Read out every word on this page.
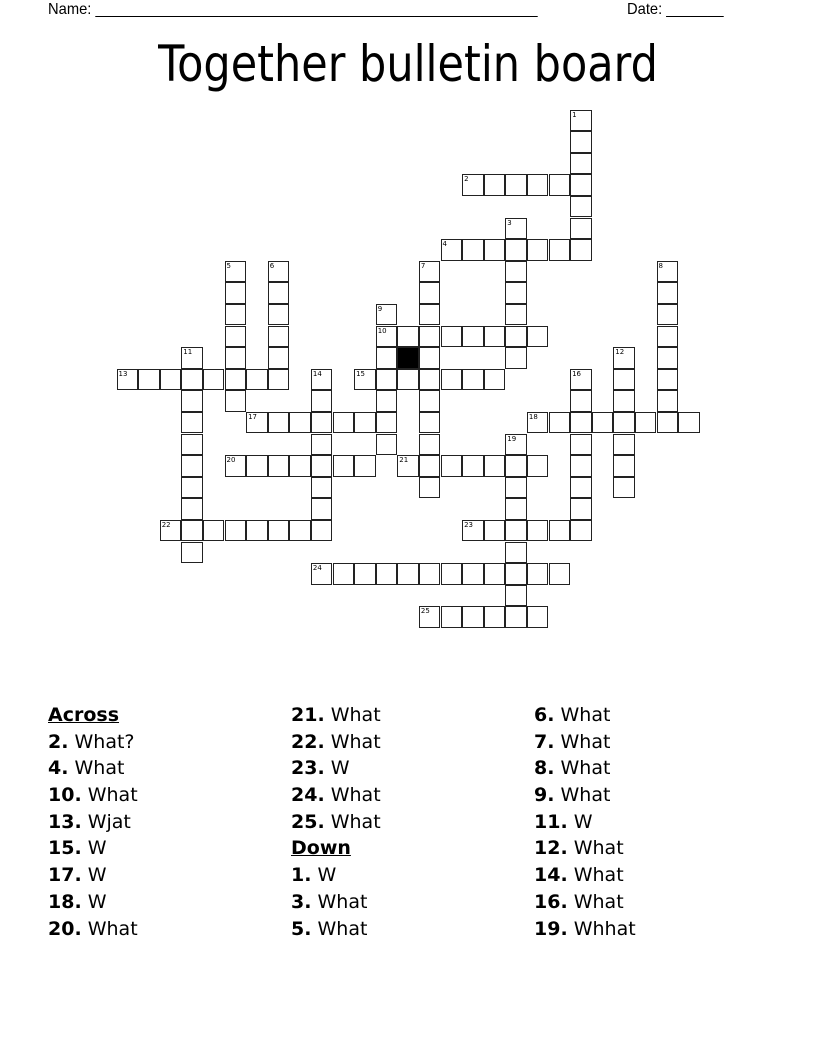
Name: ______________________________________________________	Date: _______
Together bulletin board
1
2
3
4
5	6	7	8
9
10
11	12
13	14	15	16
17	18
19
20	21
22	23
24
25
Across
2. What?
4. What
10. What
13. Wjat
15. W
17. W
18. W
20. What
21. What
22. What
23. W
24. What
25. What
Down
1. W
3. What
5. What
6. What
7. What
8. What
9. What
11. W
12. What
14. What
16. What
19. Whhat
